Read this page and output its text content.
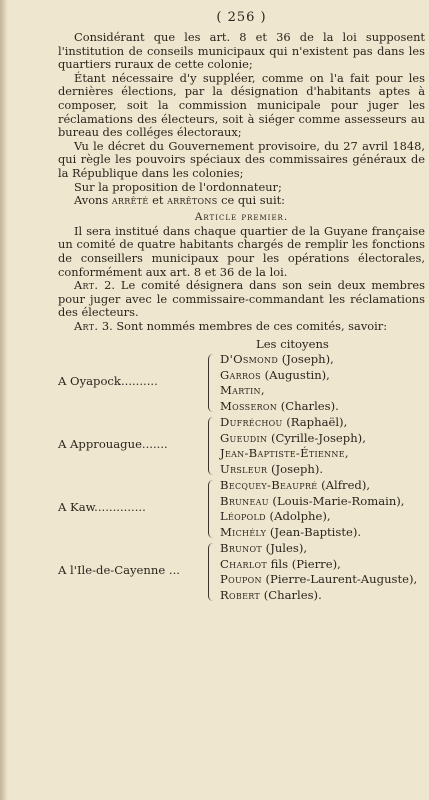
( 256 )

Considérant que les art. 8 et 36 de la loi supposent l'institution de conseils municipaux qui n'existent pas dans les quartiers ruraux de cette colonie;

Étant nécessaire d'y suppléer, comme on l'a fait pour les dernières élections, par la désignation d'habitants aptes à composer, soit la commission municipale pour juger les réclamations des électeurs, soit à siéger comme assesseurs au bureau des colléges électoraux;

Vu le décret du Gouvernement provisoire, du 27 avril 1848, qui règle les pouvoirs spéciaux des commissaires généraux de la République dans les colonies;

Sur la proposition de l'ordonnateur;

Avons arrêté et arrêtons ce qui suit:

Article premier.

Il sera institué dans chaque quartier de la Guyane française un comité de quatre habitants chargés de remplir les fonctions de conseillers municipaux pour les opérations électorales, conformément aux art. 8 et 36 de la loi.

Art. 2. Le comité désignera dans son sein deux membres pour juger avec le commissaire-commandant les réclamations des électeurs.

Art. 3. Sont nommés membres de ces comités, savoir:

Les citoyens
A Oyapock..........
D'Osmond (Joseph),
Garros (Augustin),
Martin,
Mosseron (Charles).
A Approuague.......
Dufréchou (Raphaël),
Gueudin (Cyrille-Joseph),
Jean-Baptiste-Étienne,
Ursleur (Joseph).
A Kaw..............
Becquey-Beaupré (Alfred),
Bruneau (Louis-Marie-Romain),
Léopold (Adolphe),
Michély (Jean-Baptiste).
A l'Ile-de-Cayenne ...
Brunot (Jules),
Charlot fils (Pierre),
Poupon (Pierre-Laurent-Auguste),
Robert (Charles).
